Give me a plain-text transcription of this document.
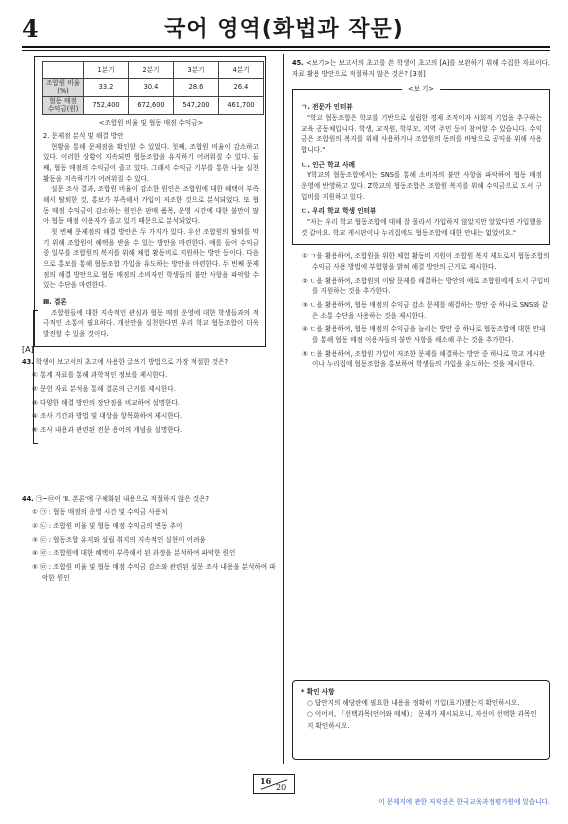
4	국어 영역(화법과 작문)
	1분기	2분기	3분기	4분기
조합원 비율 (%)	33.2	30.4	28.6	26.4
협동 매점 수익금(원)	752,400	672,600	547,200	461,700
<조합원 비율 및 협동 매점 수익금>
2. 문제점 분석 및 해결 방안

현황을 통해 문제점을 확인할 수 있었다. 첫째, 조합원 비율이 감소하고 있다. 이러한 상황이 지속되면 협동조합을 유지하기 어려워질 수 있다. 둘째, 협동 매점의 수익금이 줄고 있다. 그래서 수익금 기부를 통한 나눔 실천 활동을 지속하기가 어려워질 수 있다.

[A]

설문 조사 결과, 조합원 비율이 감소한 원인은 조합원에 대한 혜택이 부족해서 탈퇴한 것, 홍보가 부족해서 가입이 저조한 것으로 분석되었다. 또 협동 매점 수익금이 감소하는 원인은 판매 품목, 운영 시간에 대한 불만이 많아 협동 매점 이용자가 줄고 있기 때문으로 분석되었다.

첫 번째 문제점의 해결 방안은 두 가지가 있다. 우선 조합원의 탈퇴를 막기 위해 조합원이 혜택을 받을 수 있는 방안을 마련한다. 예를 들어 수익금 중 일부를 조합원의 복지를 위해 체험 활동비로 지원하는 방안 등이다. 다음으로 홍보를 통해 협동조합 가입을 유도하는 방안을 마련한다. 두 번째 문제점의 해결 방안으로 협동 매점의 소비자인 학생들의 불만 사항을 파악할 수 있는 수단을 마련한다.

Ⅲ. 결론

조합원들에 대한 지속적인 관심과 협동 매점 운영에 대한 학생들과의 적극적인 소통이 필요하다. 개선안을 실천한다면 우리 학교 협동조합이 더욱 발전할 수 있을 것이다.

43. 학생이 보고서의 초고에 사용한 글쓰기 방법으로 가장 적절한 것은?
① 통계 자료를 통해 과학적인 정보를 제시한다.
② 문헌 자료 분석을 통해 결론의 근거를 제시한다.
③ 다양한 해결 방안의 장단점을 비교하여 설명한다.
④ 조사 기간과 방법 및 대상을 항목화하여 제시한다.
⑤ 조사 내용과 관련된 전문 용어의 개념을 설명한다.
44. ㉠~㉤이 'Ⅱ. 본론'에 구체화된 내용으로 적절하지 않은 것은?
① ㉠ : 협동 매점의 운영 시간 및 수익금 사용처
② ㉡ : 조합원 비율 및 협동 매점 수익금의 변동 추이
③ ㉢ : 협동조합 유지와 설립 취지의 지속적인 실현이 어려움
④ ㉣ : 조합원에 대한 혜택이 부족해서 된 과정을 분석하여 파악한 원인
⑤ ㉤ : 조합원 비율 및 협동 매점 수익금 감소와 관련된 설문 조사 내용을 분석하여 파악한 원인
45. <보기>는 보고서의 초고를 쓴 학생이 초고의 [A]를 보완하기 위해 수집한 자료이다. 자료 활용 방안으로 적절하지 않은 것은? [3점]
<보 기>
ㄱ. 전문가 인터뷰

"학교 협동조합은 학교를 기반으로 설립한 경제 조직이자 사회적 기업을 추구하는 교육 공동체입니다. 학생, 교직원, 학부모, 지역 주민 등이 참여할 수 있습니다. 수익금은 조합원의 복지를 위해 사용하거나 조합원의 동의를 바탕으로 공익을 위해 사용합니다."

ㄴ. 인근 학교 사례

Y학교의 협동조합에서는 SNS를 통해 소비자의 불만 사항을 파악하여 협동 매점 운영에 반영하고 있다. Z학교의 협동조합은 조합원 복지를 위해 수익금으로 도서 구입비를 지원하고 있다.

ㄷ. 우리 학교 학생 인터뷰

"저는 우리 학교 협동조합에 대해 잘 몰라서 가입하지 않았지만 알았다면 가입했을 것 같아요. 학교 게시판이나 누리집에도 협동조합에 대한 안내는 없었어요."

① ㄱ을 활용하여, 조합원을 위한 체험 활동비 지원이 조합원 복지 제도로서 협동조합의 수익금 사용 방법에 부합함을 밝혀 해결 방안의 근거로 제시한다.
② ㄴ을 활용하여, 조합원의 이탈 문제를 해결하는 방안의 예로 조합원에게 도서 구입비를 지원하는 것을 추가한다.
③ ㄴ을 활용하여, 협동 매점의 수익금 감소 문제를 해결하는 방안 중 하나로 SNS와 같은 소통 수단을 사용하는 것을 제시한다.
④ ㄷ을 활용하여, 협동 매점의 수익금을 늘리는 방안 중 하나로 협동조합에 대한 안내를 통해 협동 매점 이용자들의 불만 사항을 해소해 주는 것을 추가한다.
⑤ ㄷ을 활용하여, 조합원 가입이 저조한 문제를 해결하는 방안 중 하나로 학교 게시판이나 누리집에 협동조합을 홍보하여 학생들의 가입을 유도하는 것을 제시한다.
* 확인 사항
○ 답안지의 해당란에 필요한 내용을 정확히 기입(표기)했는지 확인하시오.
○ 이어서, 「선택과목(언어와 매체)」 문제가 제시되오니, 자신이 선택한 과목인지 확인하시오.
16
20
이 문제지에 관한 저작권은 한국교육과정평가원에 있습니다.
